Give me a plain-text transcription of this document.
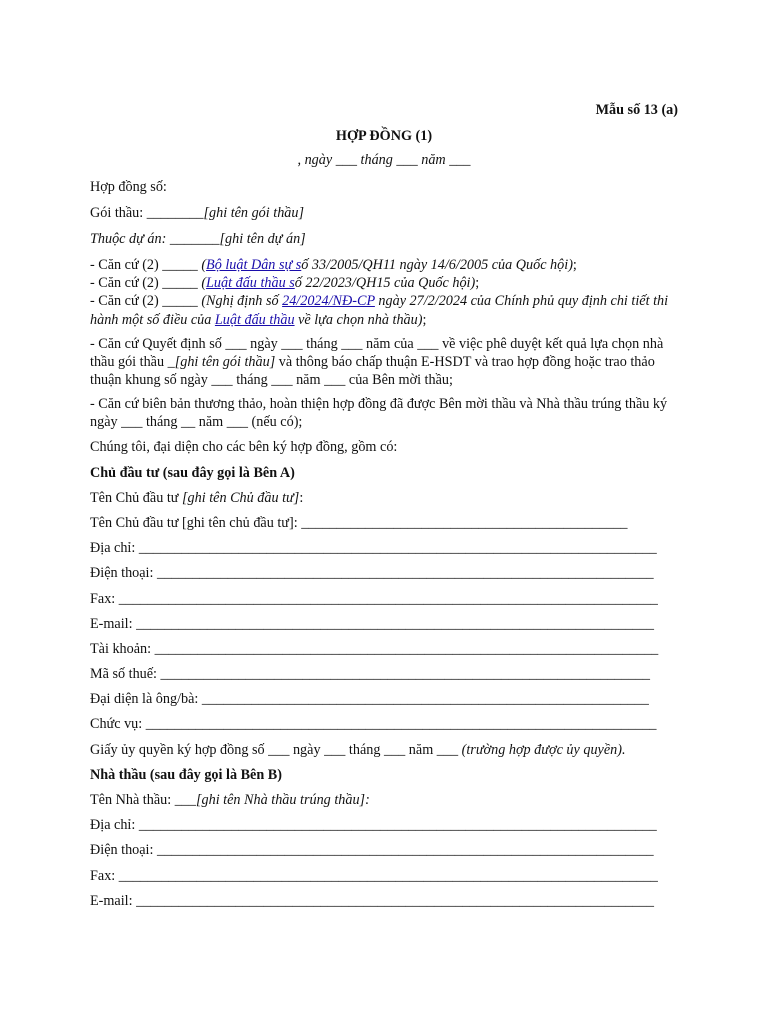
Mẫu số 13 (a)

HỢP ĐỒNG (1)

, ngày ___ tháng ___ năm ___

Hợp đồng số:

Gói thầu: ________[ghi tên gói thầu]

Thuộc dự án: _______[ghi tên dự án]

- Căn cứ (2) _____ (Bộ luật Dân sự số 33/2005/QH11 ngày 14/6/2005 của Quốc hội);

- Căn cứ (2) _____ (Luật đấu thầu số 22/2023/QH15 của Quốc hội);

- Căn cứ (2) _____ (Nghị định số 24/2024/NĐ-CP ngày 27/2/2024 của Chính phủ quy định chi tiết thi hành một số điều của Luật đấu thầu về lựa chọn nhà thầu);

- Căn cứ Quyết định số ___ ngày ___ tháng ___ năm của ___ về việc phê duyệt kết quả lựa chọn nhà thầu gói thầu _[ghi tên gói thầu] và thông báo chấp thuận E-HSDT và trao hợp đồng hoặc trao thảo thuận khung số ngày ___ tháng ___ năm ___ của Bên mời thầu;

- Căn cứ biên bản thương thảo, hoàn thiện hợp đồng đã được Bên mời thầu và Nhà thầu trúng thầu ký ngày ___ tháng __ năm ___ (nếu có);

Chúng tôi, đại diện cho các bên ký hợp đồng, gồm có:

Chủ đầu tư (sau đây gọi là Bên A)

Tên Chủ đầu tư [ghi tên Chủ đầu tư]:

Tên Chủ đầu tư [ghi tên chủ đầu tư]: ______________________________________________

Địa chỉ: _________________________________________________________________________

Điện thoại: ______________________________________________________________________

Fax: ____________________________________________________________________________

E-mail: _________________________________________________________________________

Tài khoản: _______________________________________________________________________

Mã số thuế: _____________________________________________________________________

Đại diện là ông/bà: _______________________________________________________________

Chức vụ: ________________________________________________________________________

Giấy ủy quyền ký hợp đồng số ___ ngày ___ tháng ___ năm ___ (trường hợp được ủy quyền).

Nhà thầu (sau đây gọi là Bên B)

Tên Nhà thầu: ___[ghi tên Nhà thầu trúng thầu]:

Địa chỉ: _________________________________________________________________________

Điện thoại: ______________________________________________________________________

Fax: ____________________________________________________________________________

E-mail: _________________________________________________________________________
